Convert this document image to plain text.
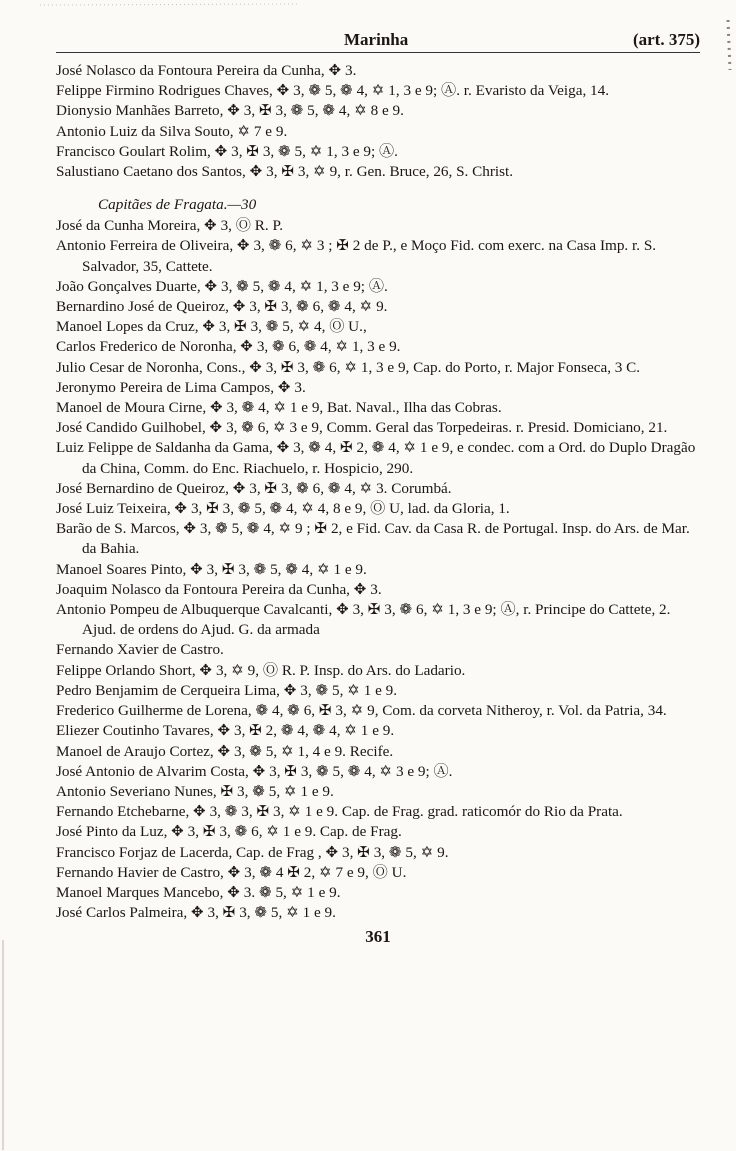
Marinha	(art. 375)

José Nolasco da Fontoura Pereira da Cunha, ✥ 3.

Felippe Firmino Rodrigues Chaves, ✥ 3, ❁ 5, ❁ 4, ✡ 1, 3 e 9; Ⓐ. r. Evaristo da Veiga, 14.

Dionysio Manhães Barreto, ✥ 3, ✠ 3, ❁ 5, ❁ 4, ✡ 8 e 9.

Antonio Luiz da Silva Souto, ✡ 7 e 9.

Francisco Goulart Rolim, ✥ 3, ✠ 3, ❁ 5, ✡ 1, 3 e 9; Ⓐ.

Salustiano Caetano dos Santos, ✥ 3, ✠ 3, ✡ 9, r. Gen. Bruce, 26, S. Christ.

Capitães de Fragata.—30

José da Cunha Moreira, ✥ 3, Ⓞ R. P.

Antonio Ferreira de Oliveira, ✥ 3, ❁ 6, ✡ 3 ; ✠ 2 de P., e Moço Fid. com exerc. na Casa Imp. r. S. Salvador, 35, Cattete.

João Gonçalves Duarte, ✥ 3, ❁ 5, ❁ 4, ✡ 1, 3 e 9; Ⓐ.

Bernardino José de Queiroz, ✥ 3, ✠ 3, ❁ 6, ❁ 4, ✡ 9.

Manoel Lopes da Cruz, ✥ 3, ✠ 3, ❁ 5, ✡ 4, Ⓞ U.,

Carlos Frederico de Noronha, ✥ 3, ❁ 6, ❁ 4, ✡ 1, 3 e 9.

Julio Cesar de Noronha, Cons., ✥ 3, ✠ 3, ❁ 6, ✡ 1, 3 e 9, Cap. do Porto, r. Major Fonseca, 3 C.

Jeronymo Pereira de Lima Campos, ✥ 3.

Manoel de Moura Cirne, ✥ 3, ❁ 4, ✡ 1 e 9, Bat. Naval., Ilha das Cobras.

José Candido Guilhobel, ✥ 3, ❁ 6, ✡ 3 e 9, Comm. Geral das Torpedeiras. r. Presid. Domiciano, 21.

Luiz Felippe de Saldanha da Gama, ✥ 3, ❁ 4, ✠ 2, ❁ 4, ✡ 1 e 9, e condec. com a Ord. do Duplo Dragão da China, Comm. do Enc. Riachuelo, r. Hospicio, 290.

José Bernardino de Queiroz, ✥ 3, ✠ 3, ❁ 6, ❁ 4, ✡ 3. Corumbá.

José Luiz Teixeira, ✥ 3, ✠ 3, ❁ 5, ❁ 4, ✡ 4, 8 e 9, Ⓞ U, lad. da Gloria, 1.

Barão de S. Marcos, ✥ 3, ❁ 5, ❁ 4, ✡ 9 ; ✠ 2, e Fid. Cav. da Casa R. de Portugal. Insp. do Ars. de Mar. da Bahia.

Manoel Soares Pinto, ✥ 3, ✠ 3, ❁ 5, ❁ 4, ✡ 1 e 9.

Joaquim Nolasco da Fontoura Pereira da Cunha, ✥ 3.

Antonio Pompeu de Albuquerque Cavalcanti, ✥ 3, ✠ 3, ❁ 6, ✡ 1, 3 e 9; Ⓐ, r. Principe do Cattete, 2. Ajud. de ordens do Ajud. G. da armada

Fernando Xavier de Castro.

Felippe Orlando Short, ✥ 3, ✡ 9, Ⓞ R. P. Insp. do Ars. do Ladario.

Pedro Benjamim de Cerqueira Lima, ✥ 3, ❁ 5, ✡ 1 e 9.

Frederico Guilherme de Lorena, ❁ 4, ❁ 6, ✠ 3, ✡ 9, Com. da corveta Nitheroy, r. Vol. da Patria, 34.

Eliezer Coutinho Tavares, ✥ 3, ✠ 2, ❁ 4, ❁ 4, ✡ 1 e 9.

Manoel de Araujo Cortez, ✥ 3, ❁ 5, ✡ 1, 4 e 9. Recife.

José Antonio de Alvarim Costa, ✥ 3, ✠ 3, ❁ 5, ❁ 4, ✡ 3 e 9; Ⓐ.

Antonio Severiano Nunes, ✠ 3, ❁ 5, ✡ 1 e 9.

Fernando Etchebarne, ✥ 3, ❁ 3, ✠ 3, ✡ 1 e 9. Cap. de Frag. grad. raticomór do Rio da Prata.

José Pinto da Luz, ✥ 3, ✠ 3, ❁ 6, ✡ 1 e 9. Cap. de Frag.

Francisco Forjaz de Lacerda, Cap. de Frag , ✥ 3, ✠ 3, ❁ 5, ✡ 9.

Fernando Havier de Castro, ✥ 3, ❁ 4 ✠ 2, ✡ 7 e 9, Ⓞ U.

Manoel Marques Mancebo, ✥ 3. ❁ 5, ✡ 1 e 9.

José Carlos Palmeira, ✥ 3, ✠ 3, ❁ 5, ✡ 1 e 9.

361
